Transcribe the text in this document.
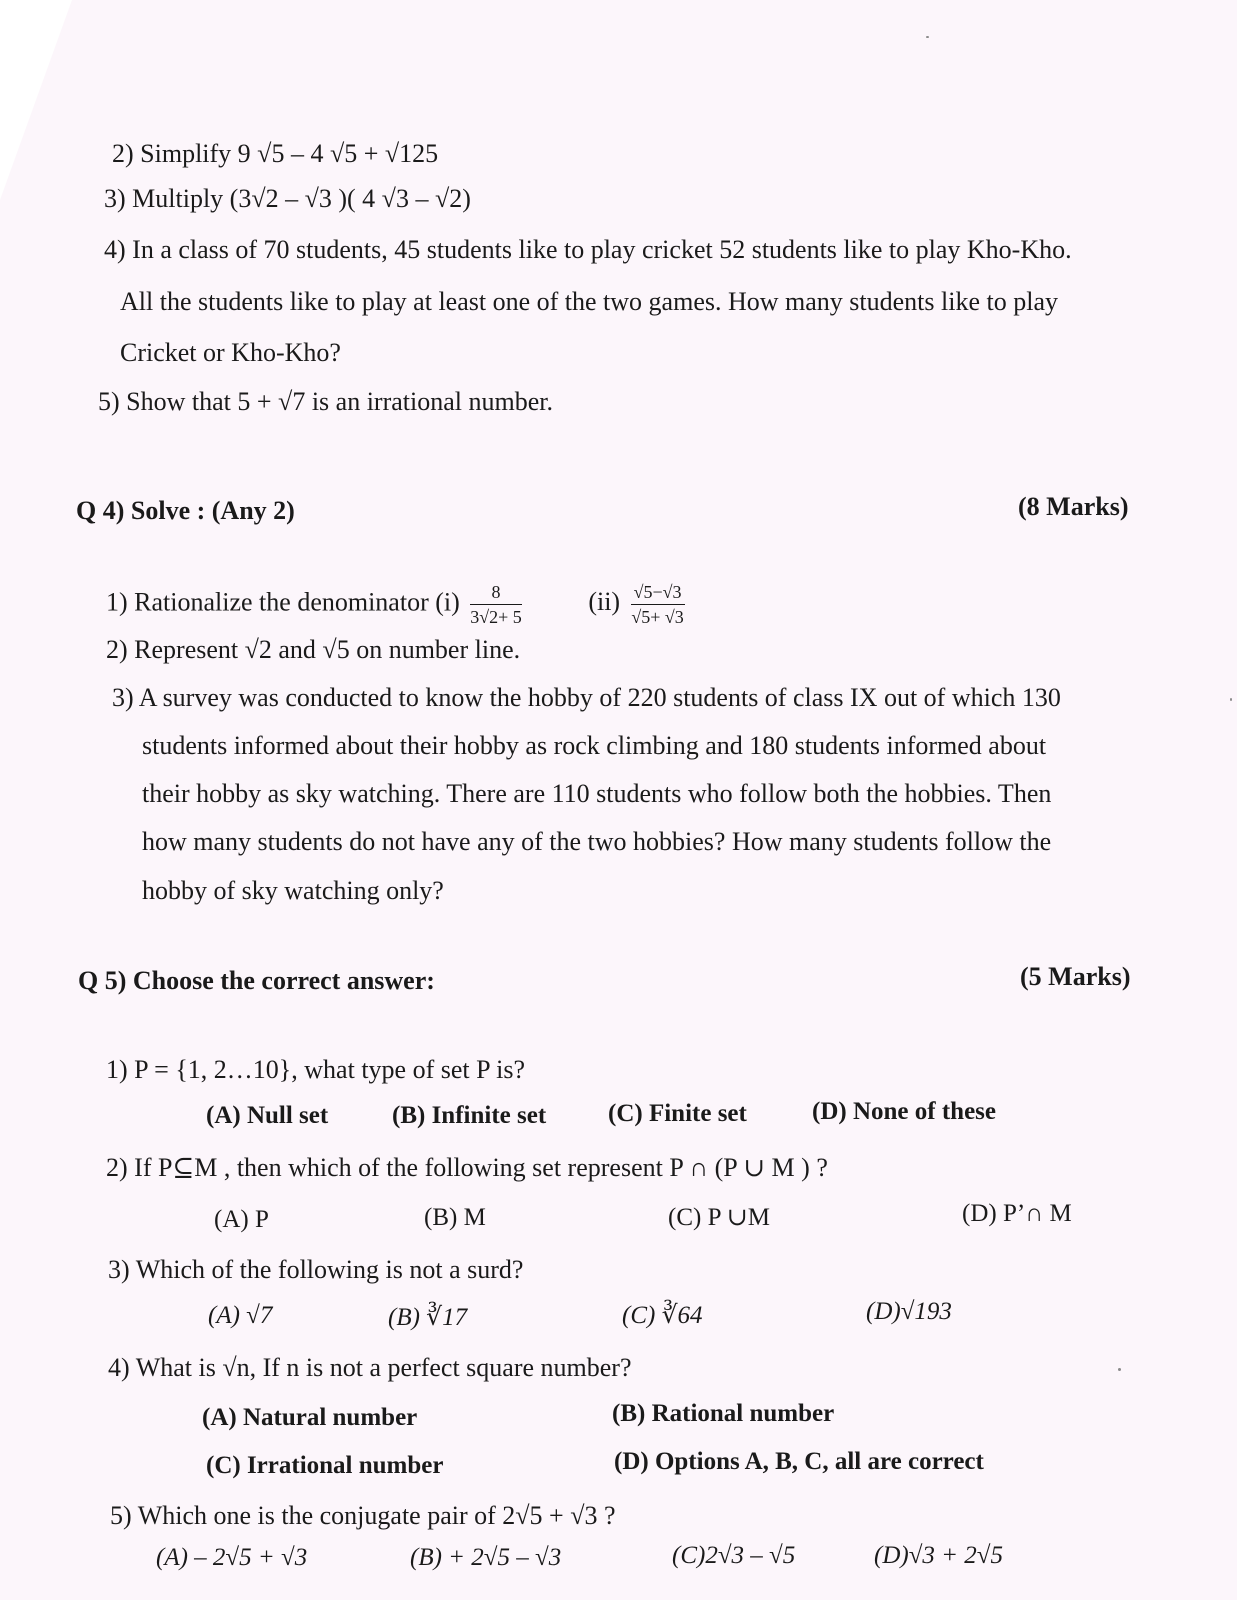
2) Simplify 9 √5 – 4 √5 + √125
3) Multiply (3√2 – √3 )( 4 √3 – √2)
4) In a class of 70 students, 45 students like to play cricket 52 students like to play Kho-Kho.
All the students like to play at least one of the two games. How many students like to play
Cricket or Kho-Kho?
5) Show that 5 + √7 is an irrational number.
Q 4) Solve : (Any 2)	(8 Marks)
1) Rationalize the denominator $(i) \frac{8}{3√2+ 5}$	$(ii) \frac{√5-√3}{√5+ √3}$
2) Represent √2 and √5 on number line.
3) A survey was conducted to know the hobby of 220 students of class IX out of which 130
students informed about their hobby as rock climbing and 180 students informed about
their hobby as sky watching. There are 110 students who follow both the hobbies. Then
how many students do not have any of the two hobbies? How many students follow the
hobby of sky watching only?
Q 5) Choose the correct answer:	(5 Marks)
1) P = {1, 2…10}, what type of set P is?
(A) Null set	(B) Infinite set (C) Finite set	(D) None of these
2) If P⊆M , then which of the following set represent P ∩ (P ∪ M ) ?
(A) P	(B) M	(C) P ∪M	(D) P’∩ M
3) Which of the following is not a surd?
(A) √7	(B) ∛17	(C) ∛64	(D)√193
4) What is √n, If n is not a perfect square number?
(A) Natural number	(B) Rational number
(C) Irrational number	(D) Options A, B, C, all are correct
5) Which one is the conjugate pair of 2√5 + √3 ?
(A) – 2√5 + √3	(B) + 2√5 – √3	(C)2√3 – √5	(D)√3 + 2√5
